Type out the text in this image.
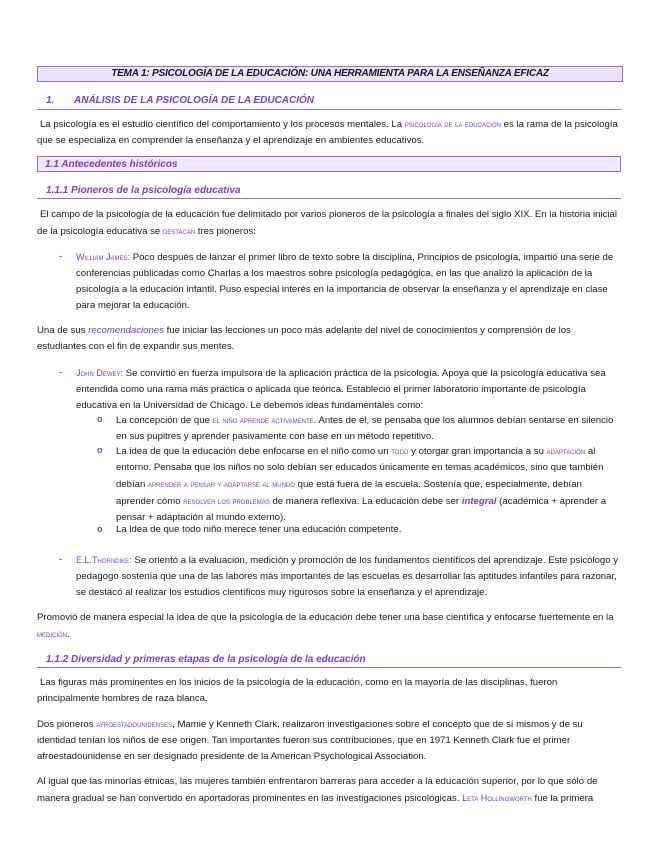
TEMA 1: PSICOLOGÍA DE LA EDUCACIÓN: UNA HERRAMIENTA PARA LA ENSEÑANZA EFICAZ
1. ANÁLISIS DE LA PSICOLOGÍA DE LA EDUCACIÓN

La psicología es el estudio científico del comportamiento y los procesos mentales. La psicología de la educación es la rama de la psicología que se especializa en comprender la enseñanza y el aprendizaje en ambientes educativos.

1.1 Antecedentes históricos
1.1.1 Pioneros de la psicología educativa

El campo de la psicología de la educación fue delimitado por varios pioneros de la psicología a finales del siglo XIX. En la historia inicial de la psicología educativa se destacan tres pioneros:

- William James: Poco después de lanzar el primer libro de texto sobre la disciplina, Principios de psicología, impartió una serie de conferencias publicadas como Charlas a los maestros sobre psicología pedagógica, en las que analizó la aplicación de la psicología a la educación infantil. Puso especial interés en la importancia de observar la enseñanza y el aprendizaje en clase para mejorar la educación.

Una de sus recomendaciones fue iniciar las lecciones un poco más adelante del nivel de conocimientos y comprensión de los estudiantes con el fin de expandir sus mentes.

- John Dewey: Se convirtió en fuerza impulsora de la aplicación práctica de la psicología. Apoya que la psicología educativa sea entendida como una rama más práctica o aplicada que teórica. Estableció el primer laboratorio importante de psicología educativa en la Universidad de Chicago. Le debemos ideas fundamentales como:

o La concepción de que el niño aprende activamente. Antes de él, se pensaba que los alumnos debían sentarse en silencio en sus pupitres y aprender pasivamente con base en un método repetitivo.

o La idea de que la educación debe enfocarse en el niño como un todo y otorgar gran importancia a su adaptación al entorno. Pensaba que los niños no solo debían ser educados únicamente en temas académicos, sino que también debían aprender a pensar y adaptarse al mundo que está fuera de la escuela. Sostenía que, especialmente, debían aprender cómo resolver los problemas de manera reflexiva. La educación debe ser integral (académica + aprender a pensar + adaptación al mundo externo).

o La idea de que todo niño merece tener una educación competente.

- E.L.Thorndike: Se orientó a la evaluación, medición y promoción de los fundamentos científicos del aprendizaje. Este psicólogo y pedagogo sostenía que una de las labores más importantes de las escuelas es desarrollar las aptitudes infantiles para razonar, se destacó al realizar los estudios científicos muy rigurosos sobre la enseñanza y el aprendizaje.

Promovió de manera especial la idea de que la psicología de la educación debe tener una base científica y enfocarse fuertemente en la medición.

1.1.2 Diversidad y primeras etapas de la psicología de la educación

Las figuras más prominentes en los inicios de la psicología de la educación, como en la mayoría de las disciplinas, fueron principalmente hombres de raza blanca.

Dos pioneros afroestadounidenses, Mamie y Kenneth Clark, realizaron investigaciones sobre el concepto que de sí mismos y de su identidad tenían los niños de ese origen. Tan importantes fueron sus contribuciones, que en 1971 Kenneth Clark fue el primer afroestadounidense en ser designado presidente de la American Psychological Association.

Al igual que las minorías étnicas, las mujeres también enfrentaron barreras para acceder a la educación superior, por lo que sólo de manera gradual se han convertido en aportadoras prominentes en las investigaciones psicológicas. Leta Hollingworth fue la primera
